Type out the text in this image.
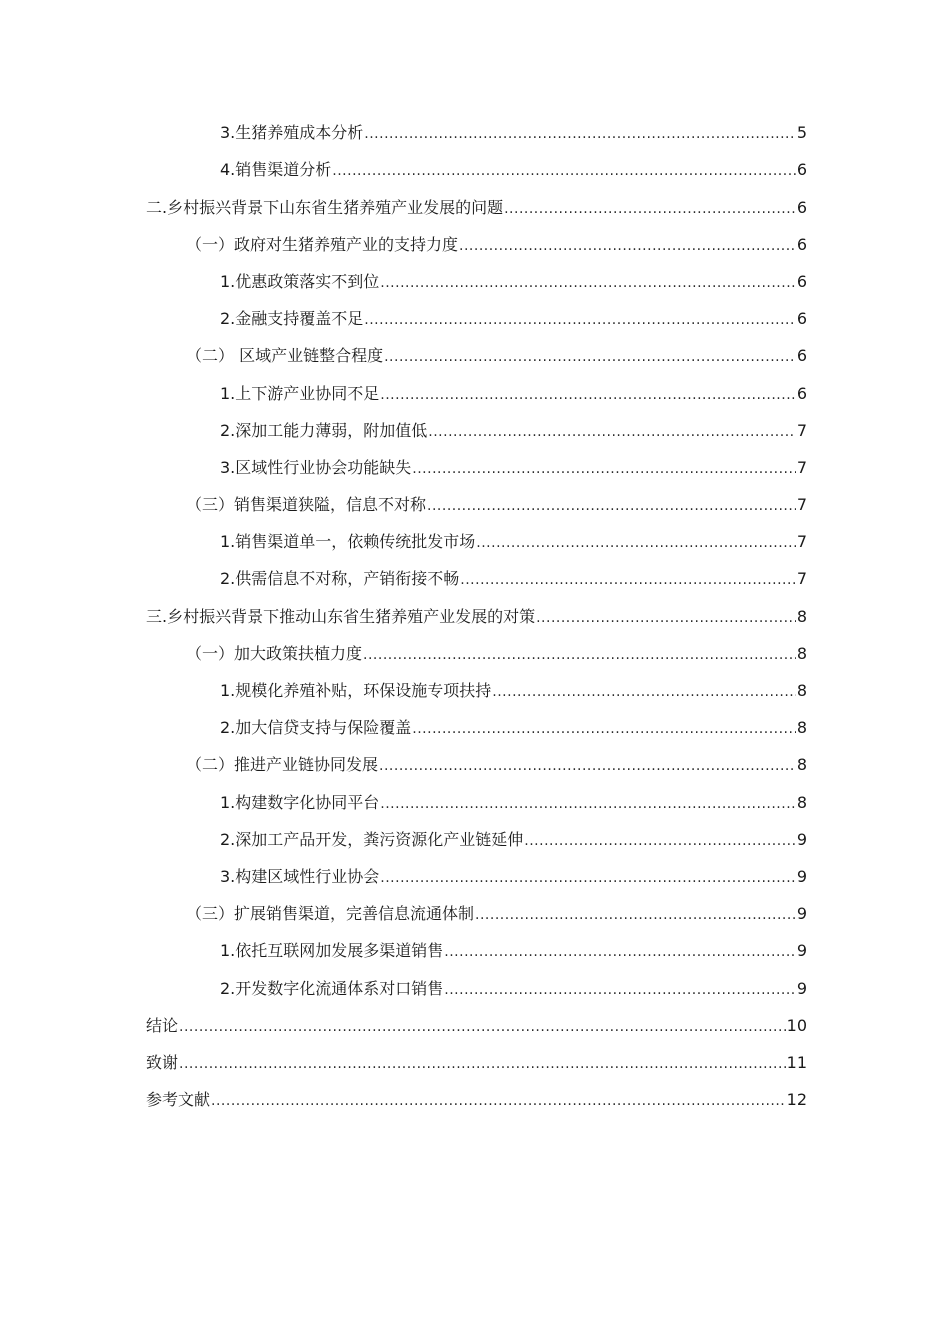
3.生猪养殖成本分析 .....	5
4.销售渠道分析 .....	6
二.乡村振兴背景下山东省生猪养殖产业发展的问题 .....	6
（一）政府对生猪养殖产业的支持力度 .....	6
1.优惠政策落实不到位 .....	6
2.金融支持覆盖不足 .....	6
（二） 区域产业链整合程度 .....	6
1.上下游产业协同不足 .....	6
2.深加工能力薄弱，附加值低 .....	7
3.区域性行业协会功能缺失 .....	7
（三）销售渠道狭隘，信息不对称 .....	7
1.销售渠道单一，依赖传统批发市场 .....	7
2.供需信息不对称，产销衔接不畅 .....	7
三.乡村振兴背景下推动山东省生猪养殖产业发展的对策 .....	8
（一）加大政策扶植力度 .....	8
1.规模化养殖补贴，环保设施专项扶持 .....	8
2.加大信贷支持与保险覆盖 .....	8
（二）推进产业链协同发展 .....	8
1.构建数字化协同平台 .....	8
2.深加工产品开发，粪污资源化产业链延伸 .....	9
3.构建区域性行业协会 .....	9
（三）扩展销售渠道，完善信息流通体制 .....	9
1.依托互联网加发展多渠道销售 .....	9
2.开发数字化流通体系对口销售 .....	9
结论 .....	10
致谢 .....	11
参考文献 .....	12
